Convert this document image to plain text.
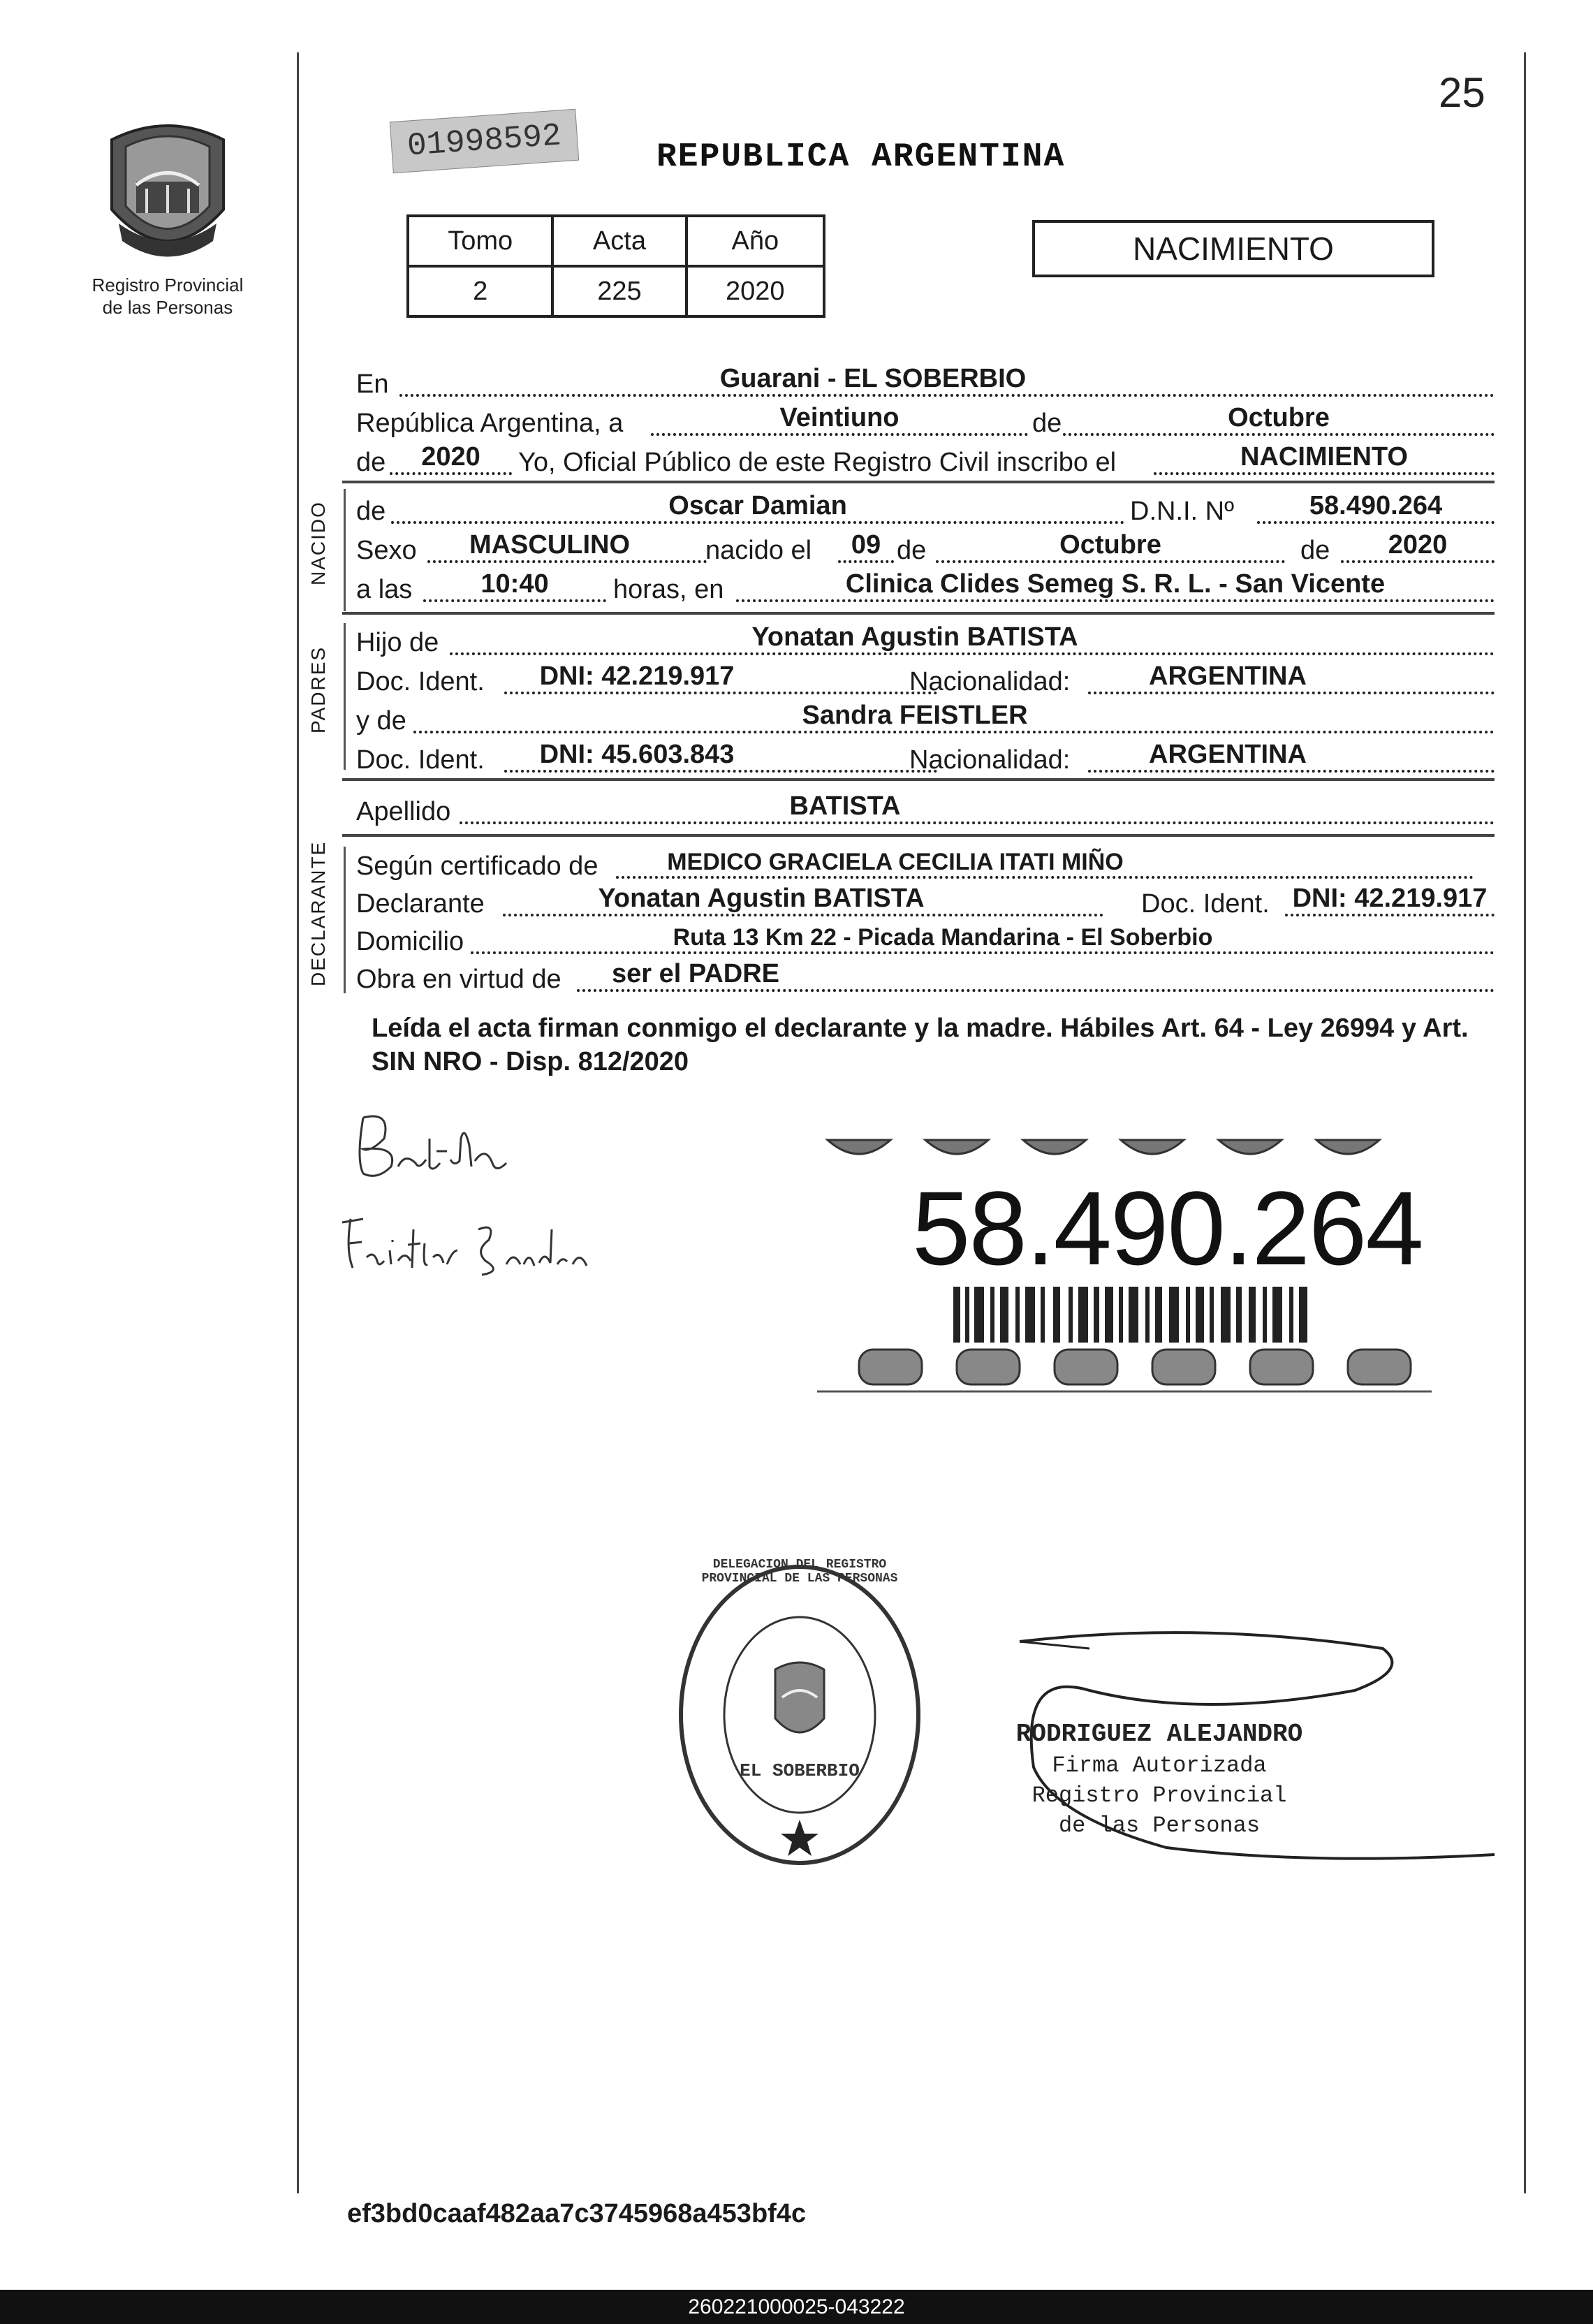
25
Registro Provincial
de las Personas
01998592	REPUBLICA ARGENTINA
Tomo	Acta	Año
2	225	2020
NACIMIENTO
En	Guarani - EL SOBERBIO
República Argentina, a	Veintiuno	de	Octubre
de	2020	Yo, Oficial Público de este Registro Civil inscribo el	NACIMIENTO
NACIDO de	Oscar Damian	D.N.I. Nº	58.490.264
Sexo	MASCULINO	nacido el	09 de	Octubre	de	2020
a las	10:40	horas, en	Clinica Clides Semeg S. R. L. - San Vicente
PADRES
Hijo de	Yonatan Agustin BATISTA
Doc. Ident.	DNI: 42.219.917	Nacionalidad:	ARGENTINA
y de	Sandra FEISTLER
Doc. Ident.	DNI: 45.603.843	Nacionalidad:	ARGENTINA
Apellido	BATISTA
DECLARANTE Según certificado de	MEDICO GRACIELA CECILIA ITATI MIÑO
Declarante	Yonatan Agustin BATISTA	Doc. Ident. DNI: 42.219.917
Domicilio	Ruta 13 Km 22 - Picada Mandarina - El Soberbio
Obra en virtud de	ser el PADRE
Leída el acta firman conmigo el declarante y la madre. Hábiles Art. 64 - Ley 26994 y Art. SIN NRO - Disp. 812/2020
58.490.264
DELEGACION DEL REGISTRO PROVINCIAL DE LAS PERSONAS
EL SOBERBIO
RODRIGUEZ ALEJANDRO
Firma Autorizada
Registro Provincial
de las Personas
ef3bd0caaf482aa7c3745968a453bf4c
260221000025-043222
